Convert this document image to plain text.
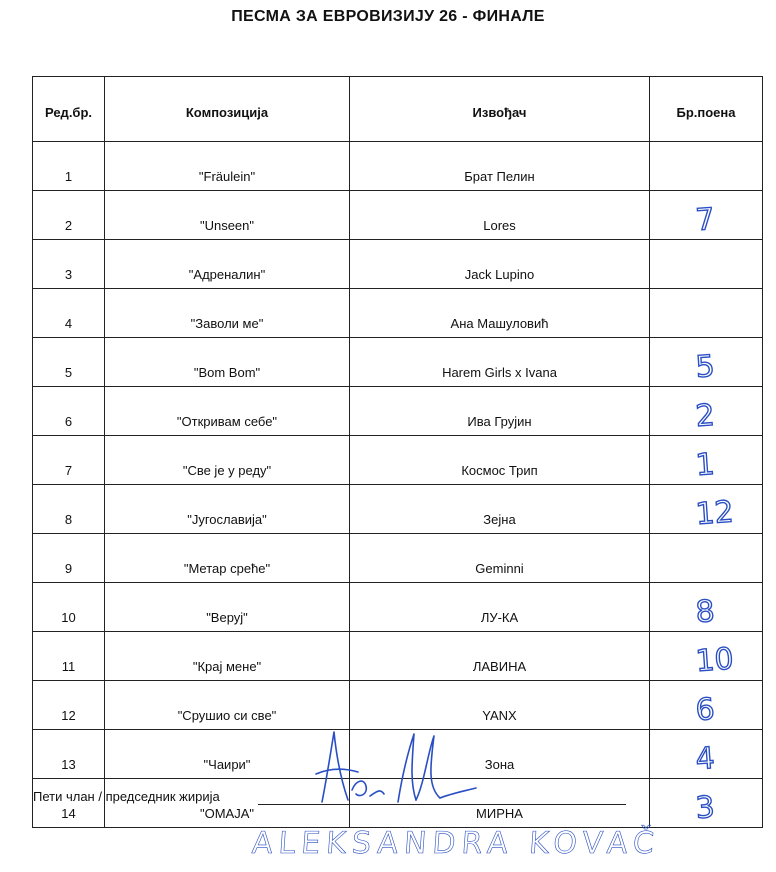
ПЕСМА ЗА ЕВРОВИЗИЈУ 26 - ФИНАЛЕ
Ред.бр.	Композиција	Извођач	Бр.поена
1	"Fräulein"	Брат Пелин	
2	"Unseen"	Lores	7

3	"Адреналин"	Jack Lupino	
4	"Заволи ме"	Ана Машуловић	
5	"Bom Bom"	Harem Girls x Ivana	5

6	"Откривам себе"	Ива Грујин	2

7	"Све је у реду"	Космос Трип	1

8	"Југославија"	Зејна	12

9	"Метар среће"	Geminni	
10	"Веруј"	ЛУ-КА	8

11	"Крај мене"	ЛАВИНА	10

12	"Срушио си све"	YANX	6

13	"Чаири"	Зона	4

14	"ОМАЈА"	МИРНА	3
Пети члан / председник жирија
ALEKSANDRA KOVAČ
